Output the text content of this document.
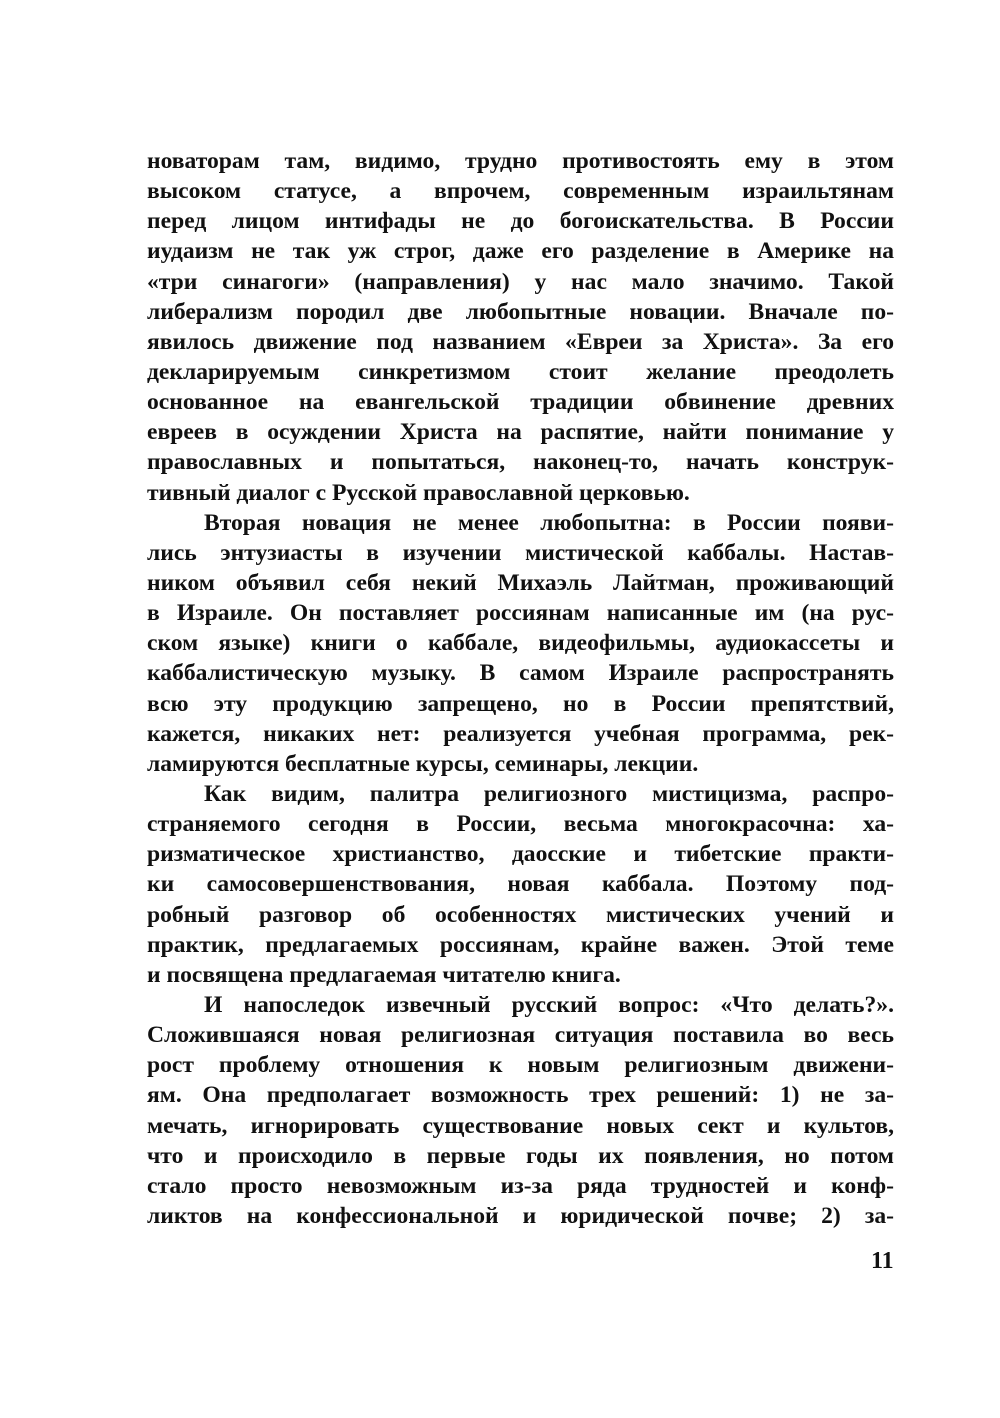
новаторам там, видимо, трудно противостоять ему в этом
высоком статусе, а впрочем, современным израильтянам
перед лицом интифады не до богоискательства. В России
иудаизм не так уж строг, даже его разделение в Америке на
«три синагоги» (направления) у нас мало значимо. Такой
либерализм породил две любопытные новации. Вначале по-
явилось движение под названием «Евреи за Христа». За его
декларируемым синкретизмом стоит желание преодолеть
основанное на евангельской традиции обвинение древних
евреев в осуждении Христа на распятие, найти понимание у
православных и попытаться, наконец-то, начать конструк-
тивный диалог с Русской православной церковью.
Вторая новация не менее любопытна: в России появи-
лись энтузиасты в изучении мистической каббалы. Настав-
ником объявил себя некий Михаэль Лайтман, проживающий
в Израиле. Он поставляет россиянам написанные им (на рус-
ском языке) книги о каббале, видеофильмы, аудиокассеты и
каббалистическую музыку. В самом Израиле распространять
всю эту продукцию запрещено, но в России препятствий,
кажется, никаких нет: реализуется учебная программа, рек-
ламируются бесплатные курсы, семинары, лекции.
Как видим, палитра религиозного мистицизма, распро-
страняемого сегодня в России, весьма многокрасочна: ха-
ризматическое христианство, даосские и тибетские практи-
ки самосовершенствования, новая каббала. Поэтому под-
робный разговор об особенностях мистических учений и
практик, предлагаемых россиянам, крайне важен. Этой теме
и посвящена предлагаемая читателю книга.
И напоследок извечный русский вопрос: «Что делать?».
Сложившаяся новая религиозная ситуация поставила во весь
рост проблему отношения к новым религиозным движени-
ям. Она предполагает возможность трех решений: 1) не за-
мечать, игнорировать существование новых сект и культов,
что и происходило в первые годы их появления, но потом
стало просто невозможным из-за ряда трудностей и конф-
ликтов на конфессиональной и юридической почве; 2) за-
11
